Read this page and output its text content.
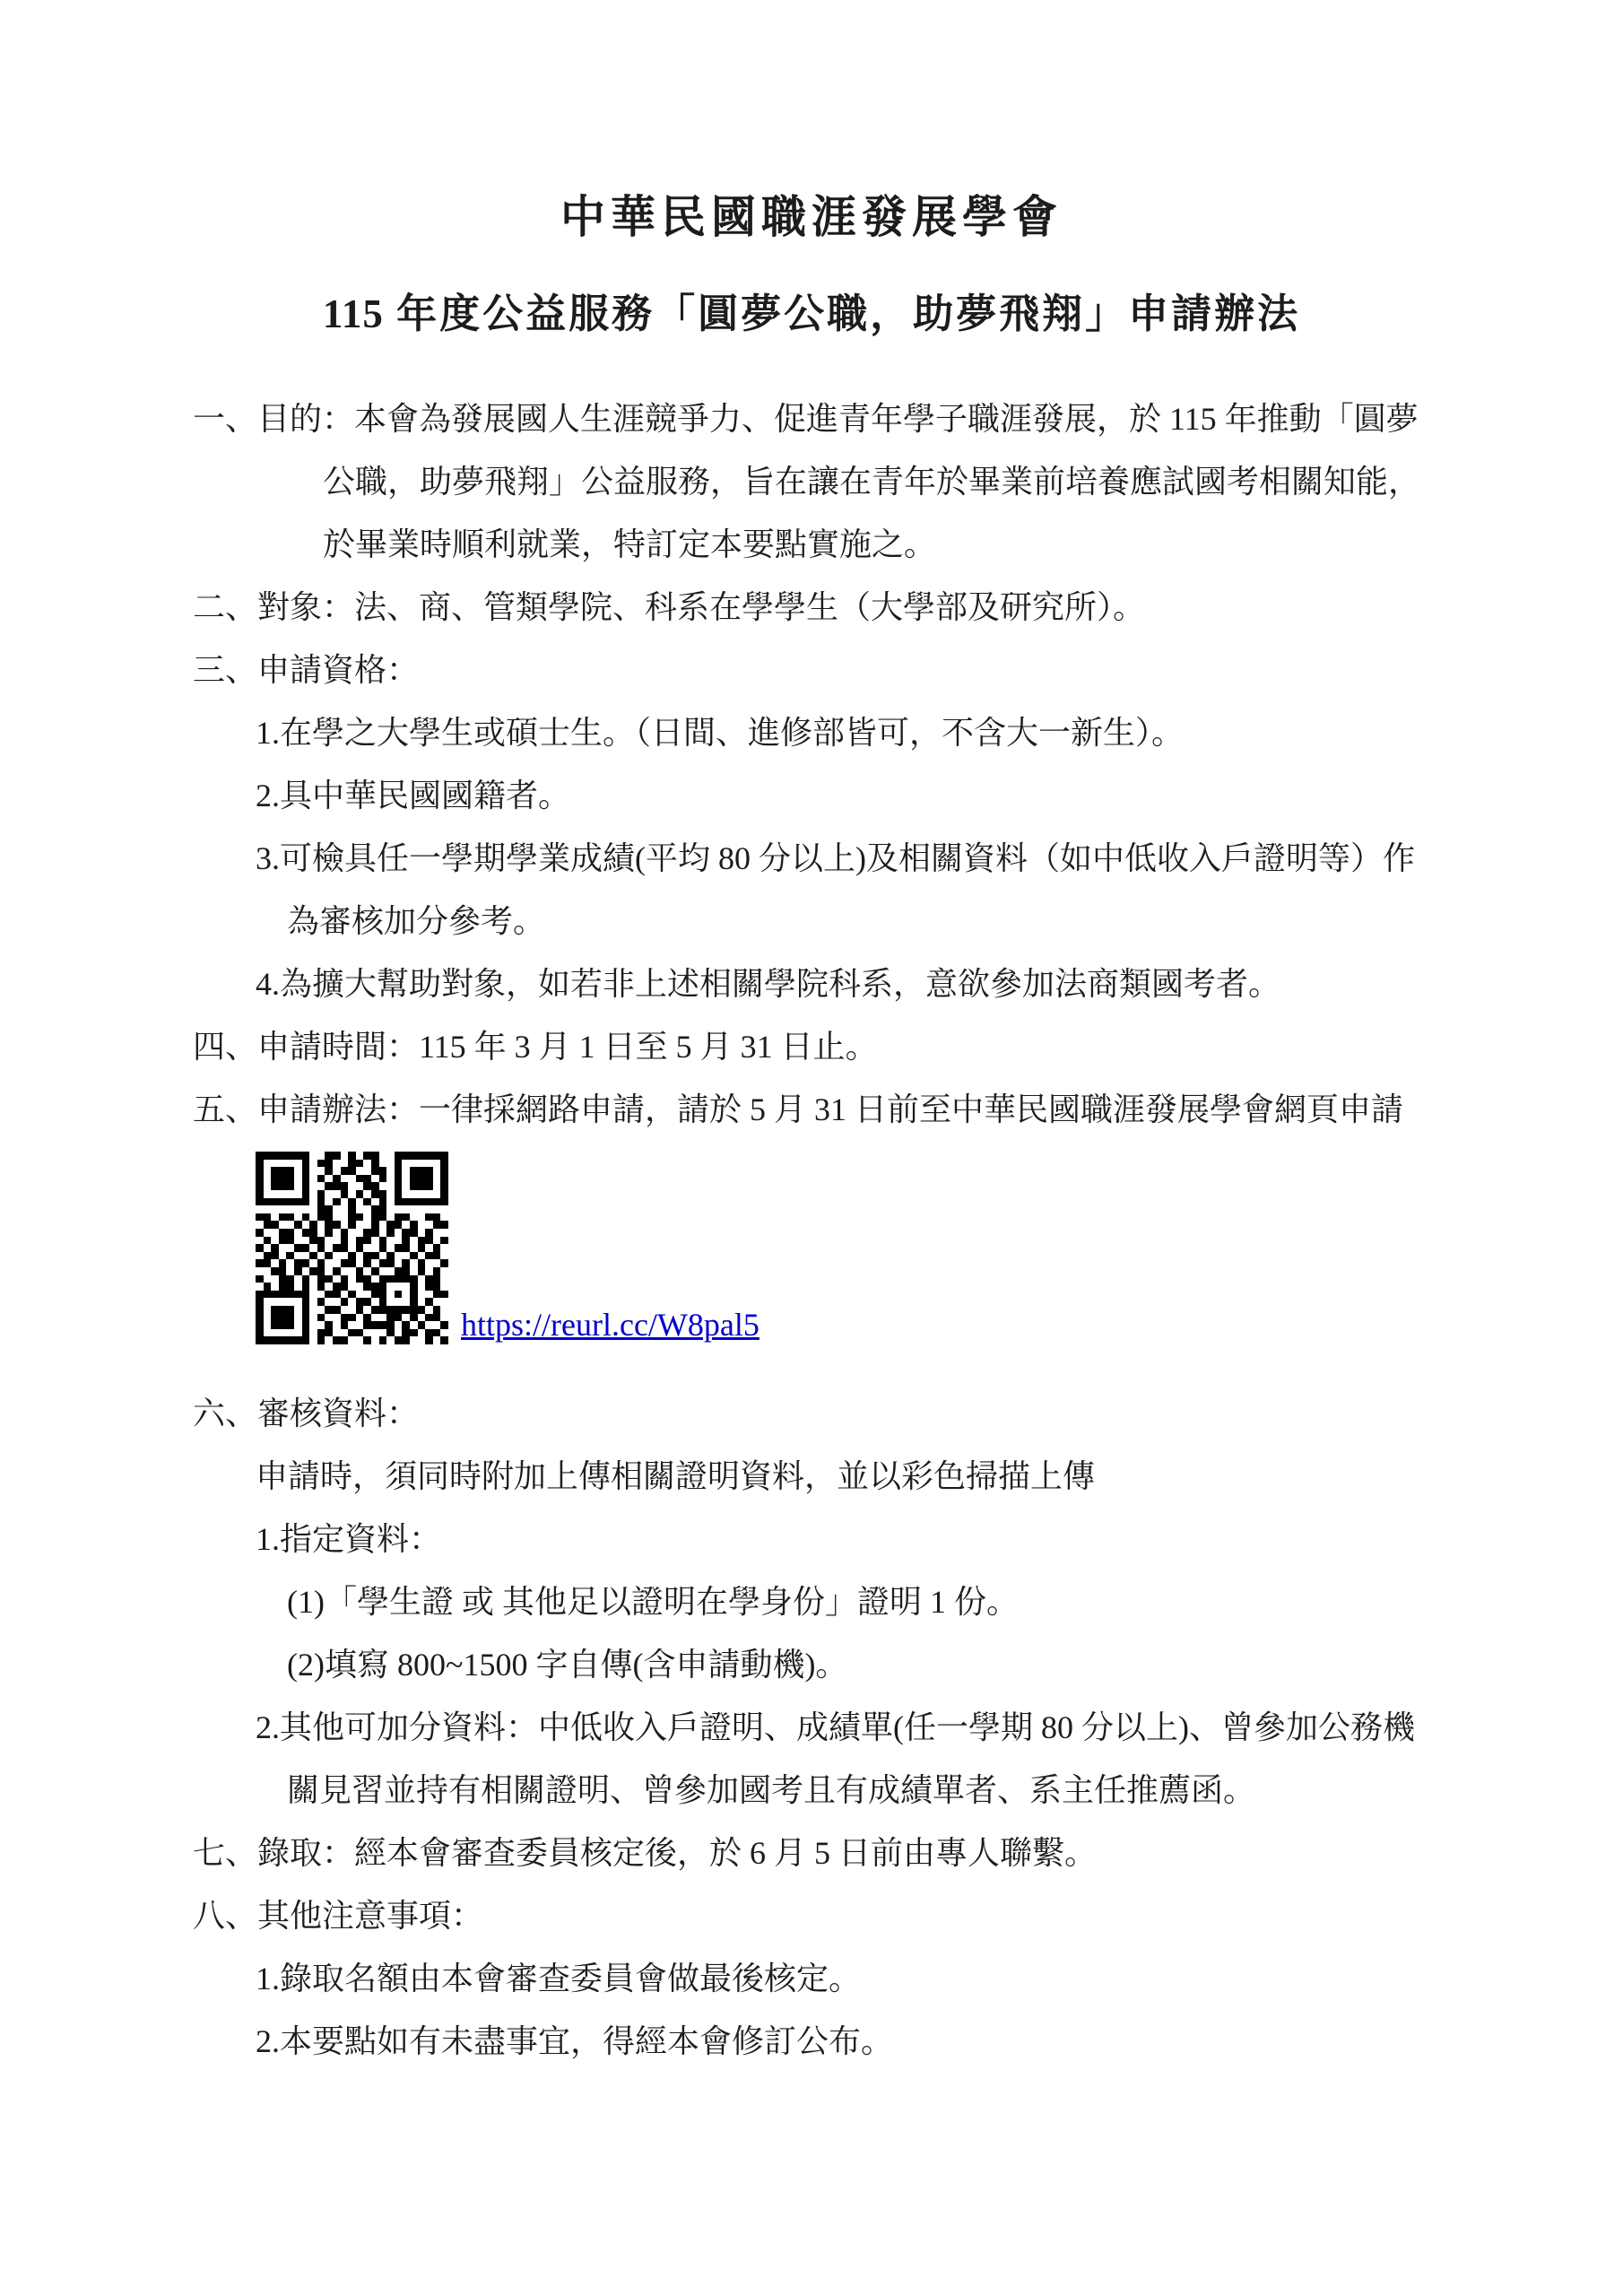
中華民國職涯發展學會
115 年度公益服務「圓夢公職，助夢飛翔」申請辦法
一、目的：本會為發展國人生涯競爭力、促進青年學子職涯發展，於 115 年推動「圓夢
公職，助夢飛翔」公益服務，旨在讓在青年於畢業前培養應試國考相關知能，
於畢業時順利就業，特訂定本要點實施之。
二、對象：法、商、管類學院、科系在學學生（大學部及研究所）。
三、申請資格：
1.在學之大學生或碩士生。（日間、進修部皆可，不含大一新生）。
2.具中華民國國籍者。
3.可檢具任一學期學業成績(平均 80 分以上)及相關資料（如中低收入戶證明等）作
為審核加分參考。
4.為擴大幫助對象，如若非上述相關學院科系，意欲參加法商類國考者。
四、申請時間：115 年 3 月 1 日至 5 月 31 日止。
五、申請辦法：一律採網路申請，請於 5 月 31 日前至中華民國職涯發展學會網頁申請
https://reurl.cc/W8pal5
六、審核資料：
申請時，須同時附加上傳相關證明資料，並以彩色掃描上傳
1.指定資料：
(1)「學生證 或 其他足以證明在學身份」證明 1 份。
(2)填寫 800~1500 字自傳(含申請動機)。
2.其他可加分資料：中低收入戶證明、成績單(任一學期 80 分以上)、曾參加公務機
關見習並持有相關證明、曾參加國考且有成績單者、系主任推薦函。
七、錄取：經本會審查委員核定後，於 6 月 5 日前由專人聯繫。
八、其他注意事項：
1.錄取名額由本會審查委員會做最後核定。
2.本要點如有未盡事宜，得經本會修訂公布。
